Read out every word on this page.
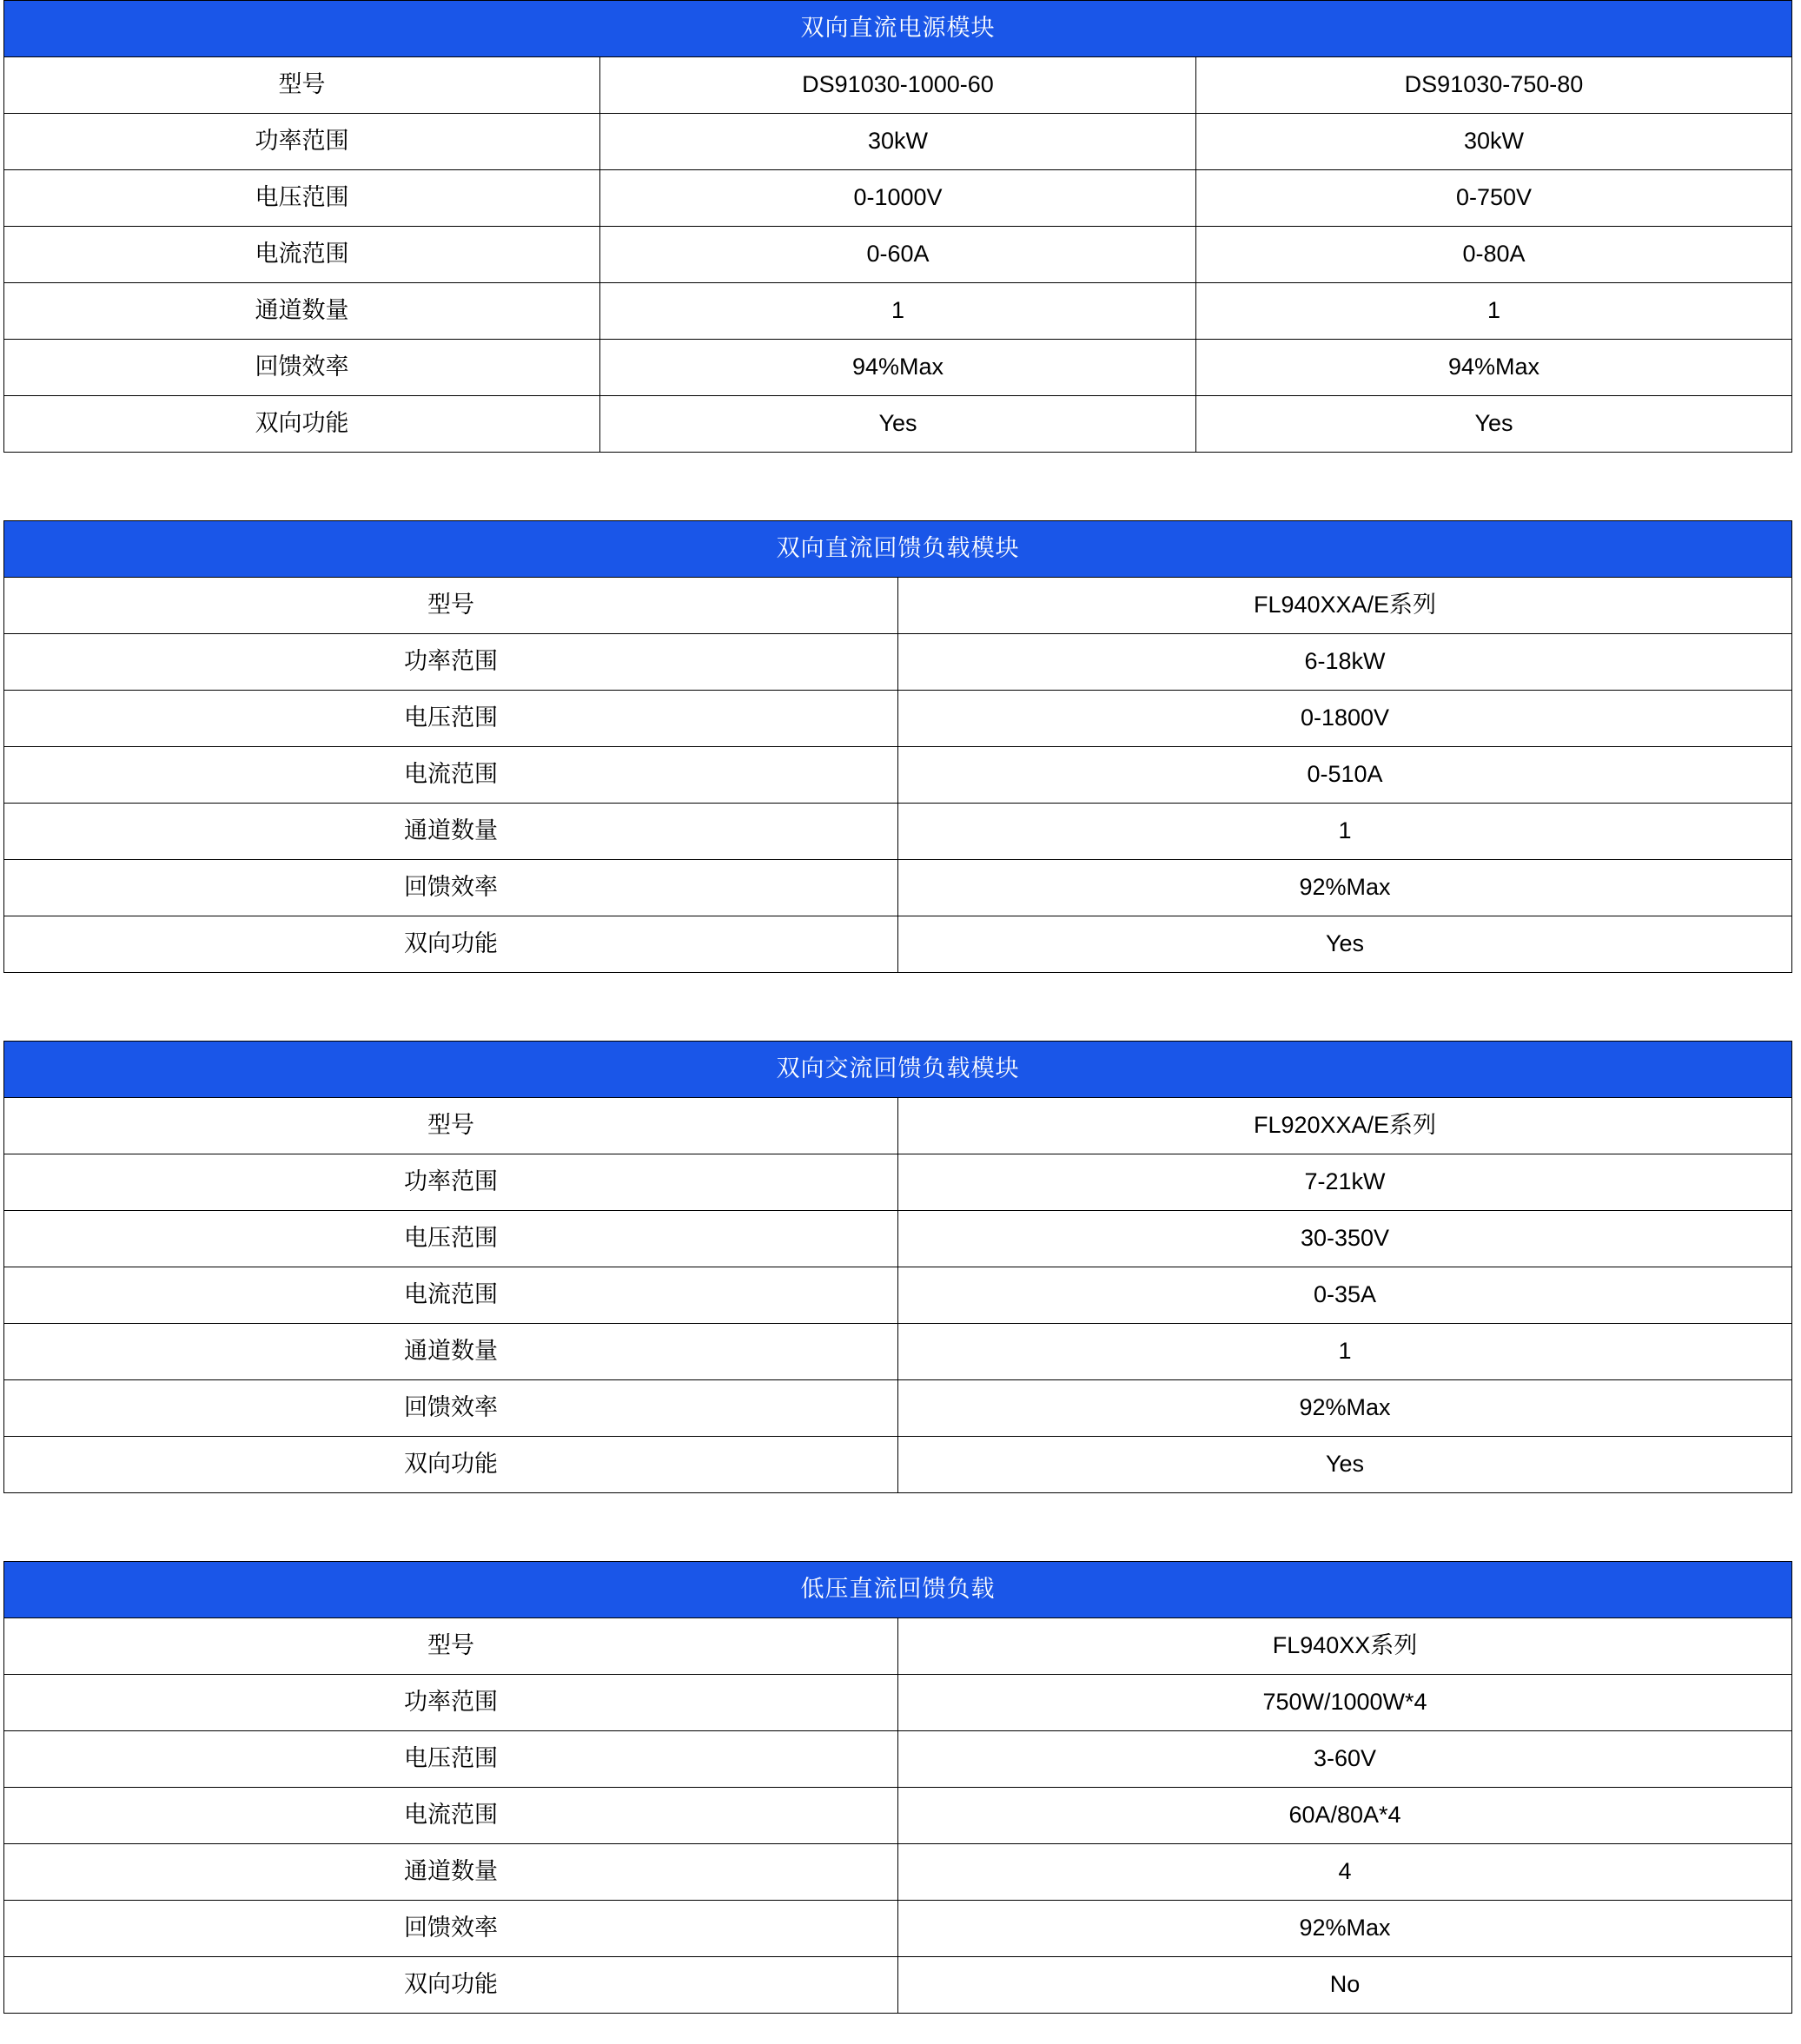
双向直流电源模块		
型号	DS91030-1000-60	DS91030-750-80
功率范围	30kW	30kW
电压范围	0-1000V	0-750V
电流范围	0-60A	0-80A
通道数量	1	1
回馈效率	94%Max	94%Max
双向功能	Yes	Yes
双向直流回馈负载模块	
型号	FL940XXA/E系列
功率范围	6-18kW
电压范围	0-1800V
电流范围	0-510A
通道数量	1
回馈效率	92%Max
双向功能	Yes
双向交流回馈负载模块	
型号	FL920XXA/E系列
功率范围	7-21kW
电压范围	30-350V
电流范围	0-35A
通道数量	1
回馈效率	92%Max
双向功能	Yes
低压直流回馈负载	
型号	FL940XX系列
功率范围	750W/1000W*4
电压范围	3-60V
电流范围	60A/80A*4
通道数量	4
回馈效率	92%Max
双向功能	No
